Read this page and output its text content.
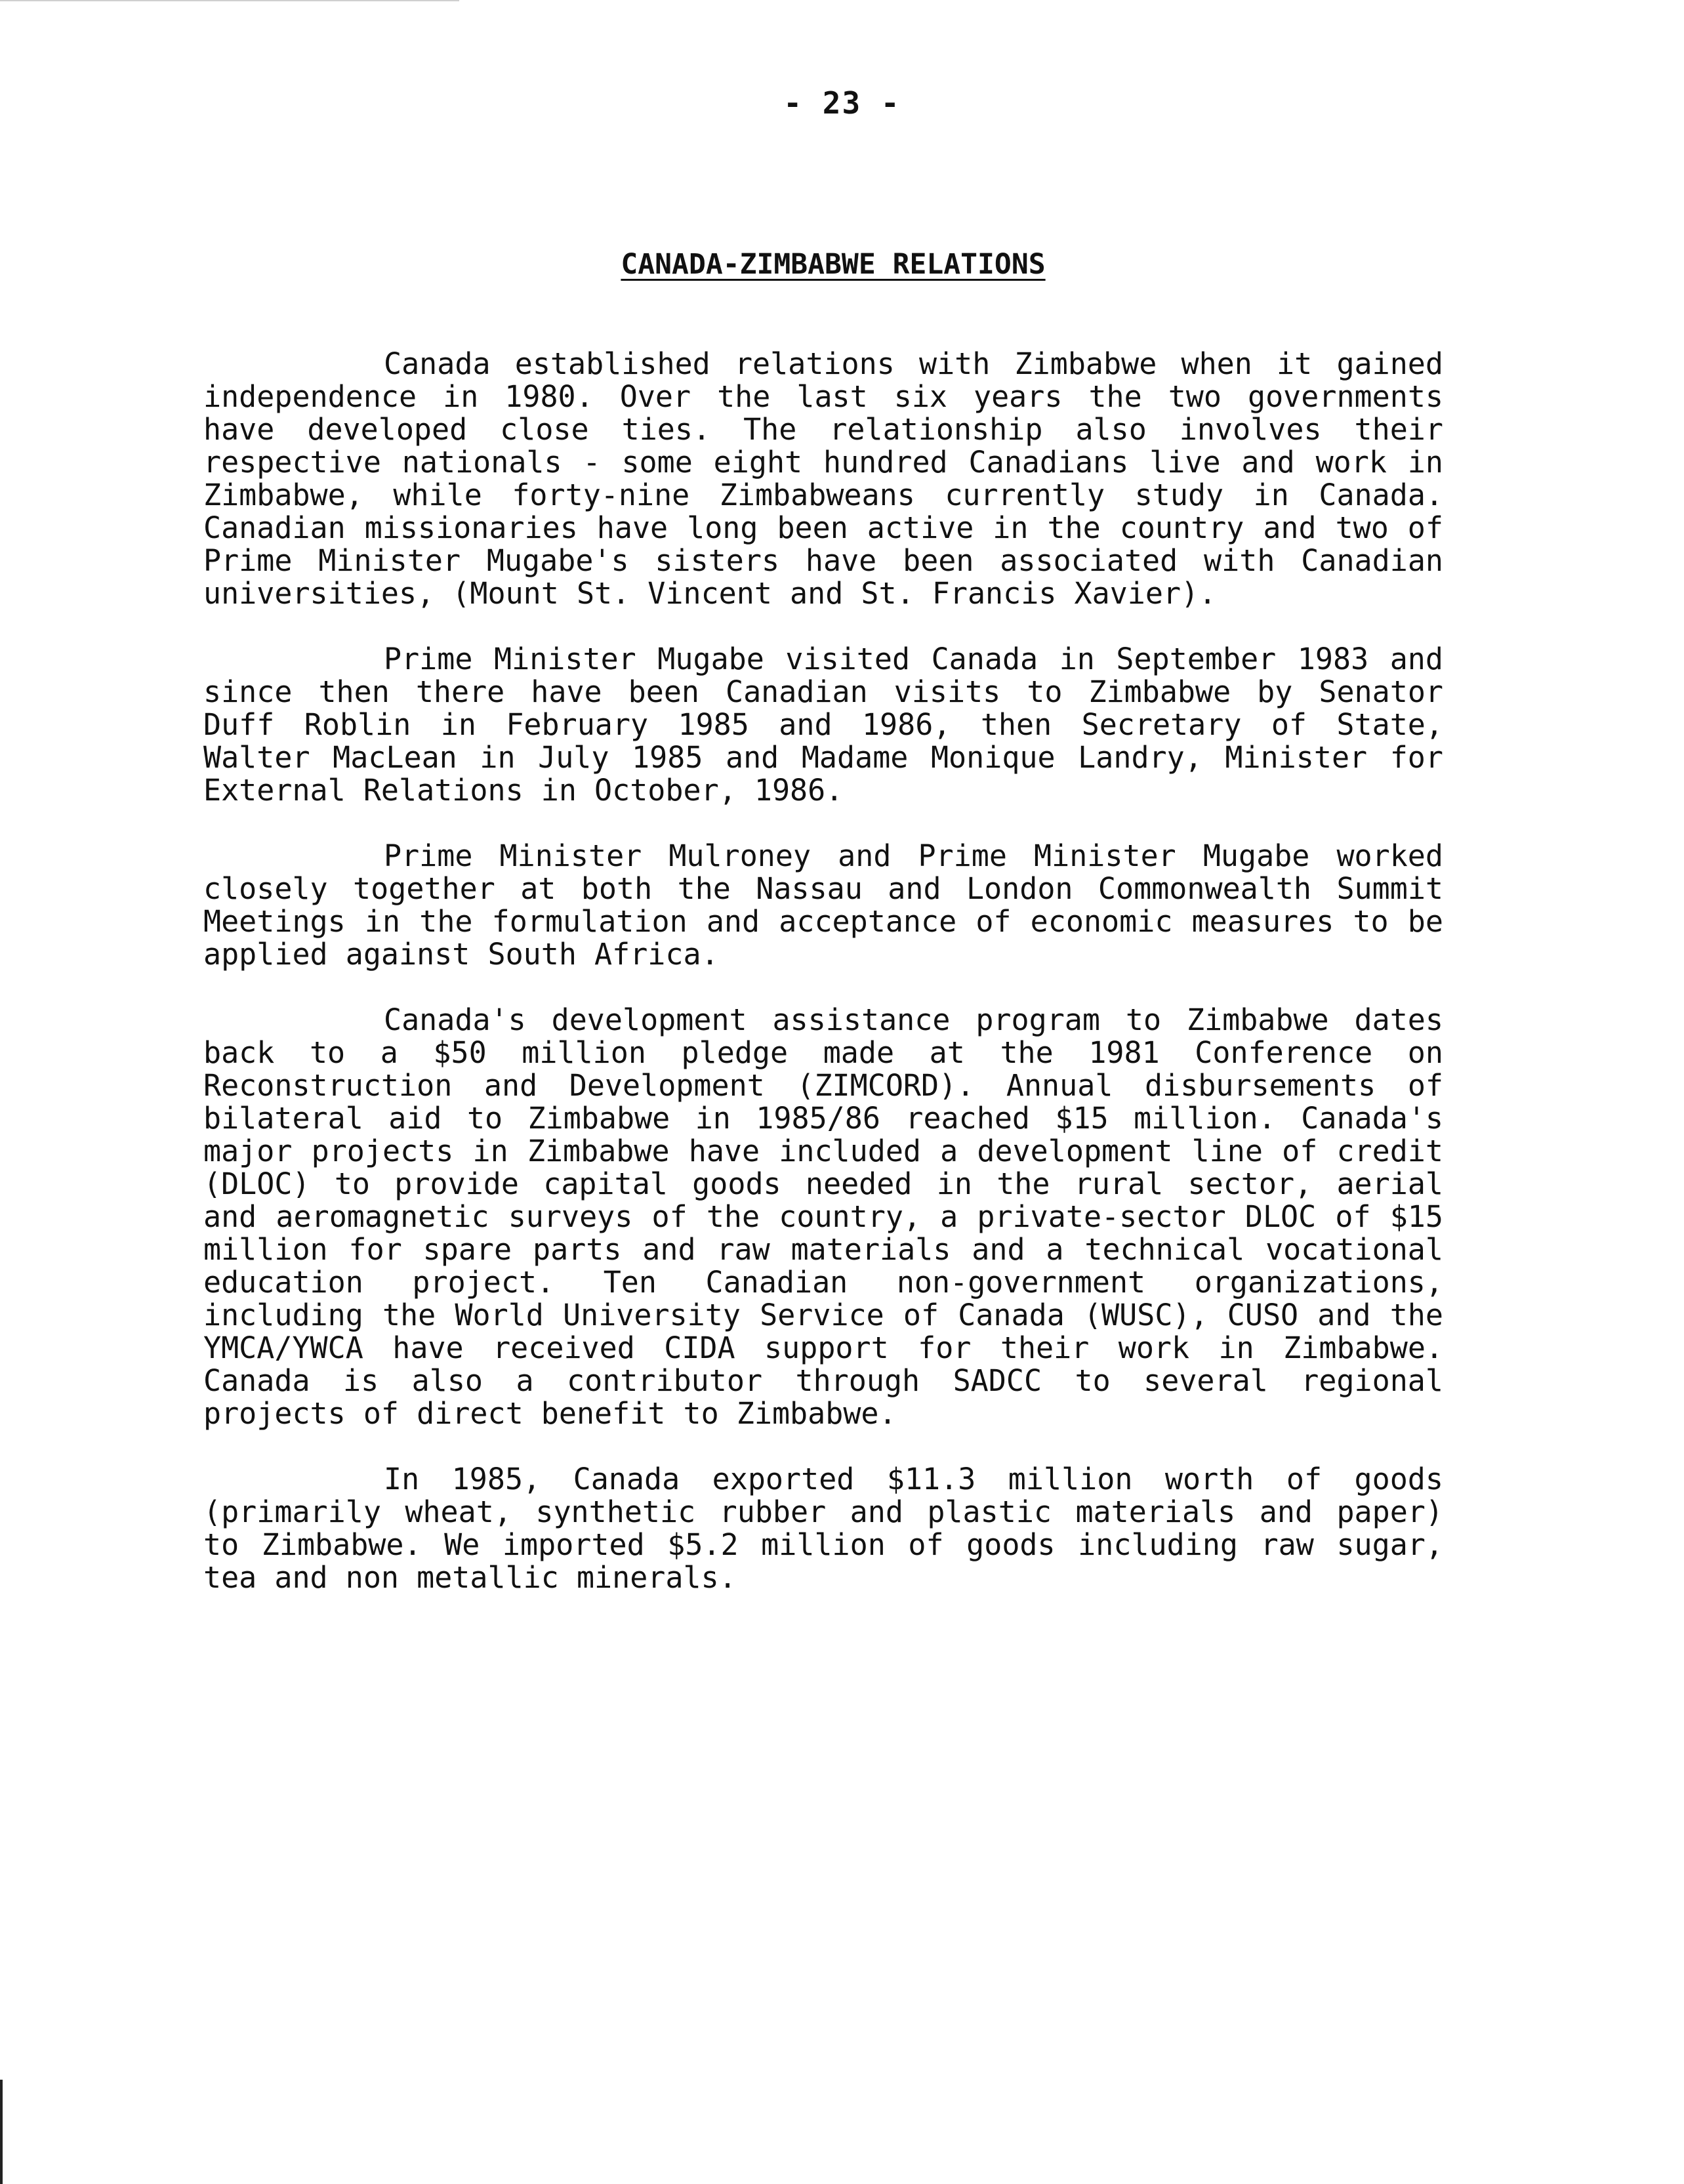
- 23 -
CANADA-ZIMBABWE RELATIONS

Canada established relations with Zimbabwe when it gained independence in 1980. Over the last six years the two governments have developed close ties. The relationship also involves their respective nationals - some eight hundred Canadians live and work in Zimbabwe, while forty-nine Zimbabweans currently study in Canada. Canadian missionaries have long been active in the country and two of Prime Minister Mugabe's sisters have been associated with Canadian universities, (Mount St. Vincent and St. Francis Xavier).

Prime Minister Mugabe visited Canada in September 1983 and since then there have been Canadian visits to Zimbabwe by Senator Duff Roblin in February 1985 and 1986, then Secretary of State, Walter MacLean in July 1985 and Madame Monique Landry, Minister for External Relations in October, 1986.

Prime Minister Mulroney and Prime Minister Mugabe worked closely together at both the Nassau and London Commonwealth Summit Meetings in the formulation and acceptance of economic measures to be applied against South Africa.

Canada's development assistance program to Zimbabwe dates back to a $50 million pledge made at the 1981 Conference on Reconstruction and Development (ZIMCORD). Annual disbursements of bilateral aid to Zimbabwe in 1985/86 reached $15 million. Canada's major projects in Zimbabwe have included a development line of credit (DLOC) to provide capital goods needed in the rural sector, aerial and aeromagnetic surveys of the country, a private-sector DLOC of $15 million for spare parts and raw materials and a technical vocational education project. Ten Canadian non-government organizations, including the World University Service of Canada (WUSC), CUSO and the YMCA/YWCA have received CIDA support for their work in Zimbabwe. Canada is also a contributor through SADCC to several regional projects of direct benefit to Zimbabwe.

In 1985, Canada exported $11.3 million worth of goods (primarily wheat, synthetic rubber and plastic materials and paper) to Zimbabwe. We imported $5.2 million of goods including raw sugar, tea and non metallic minerals.
